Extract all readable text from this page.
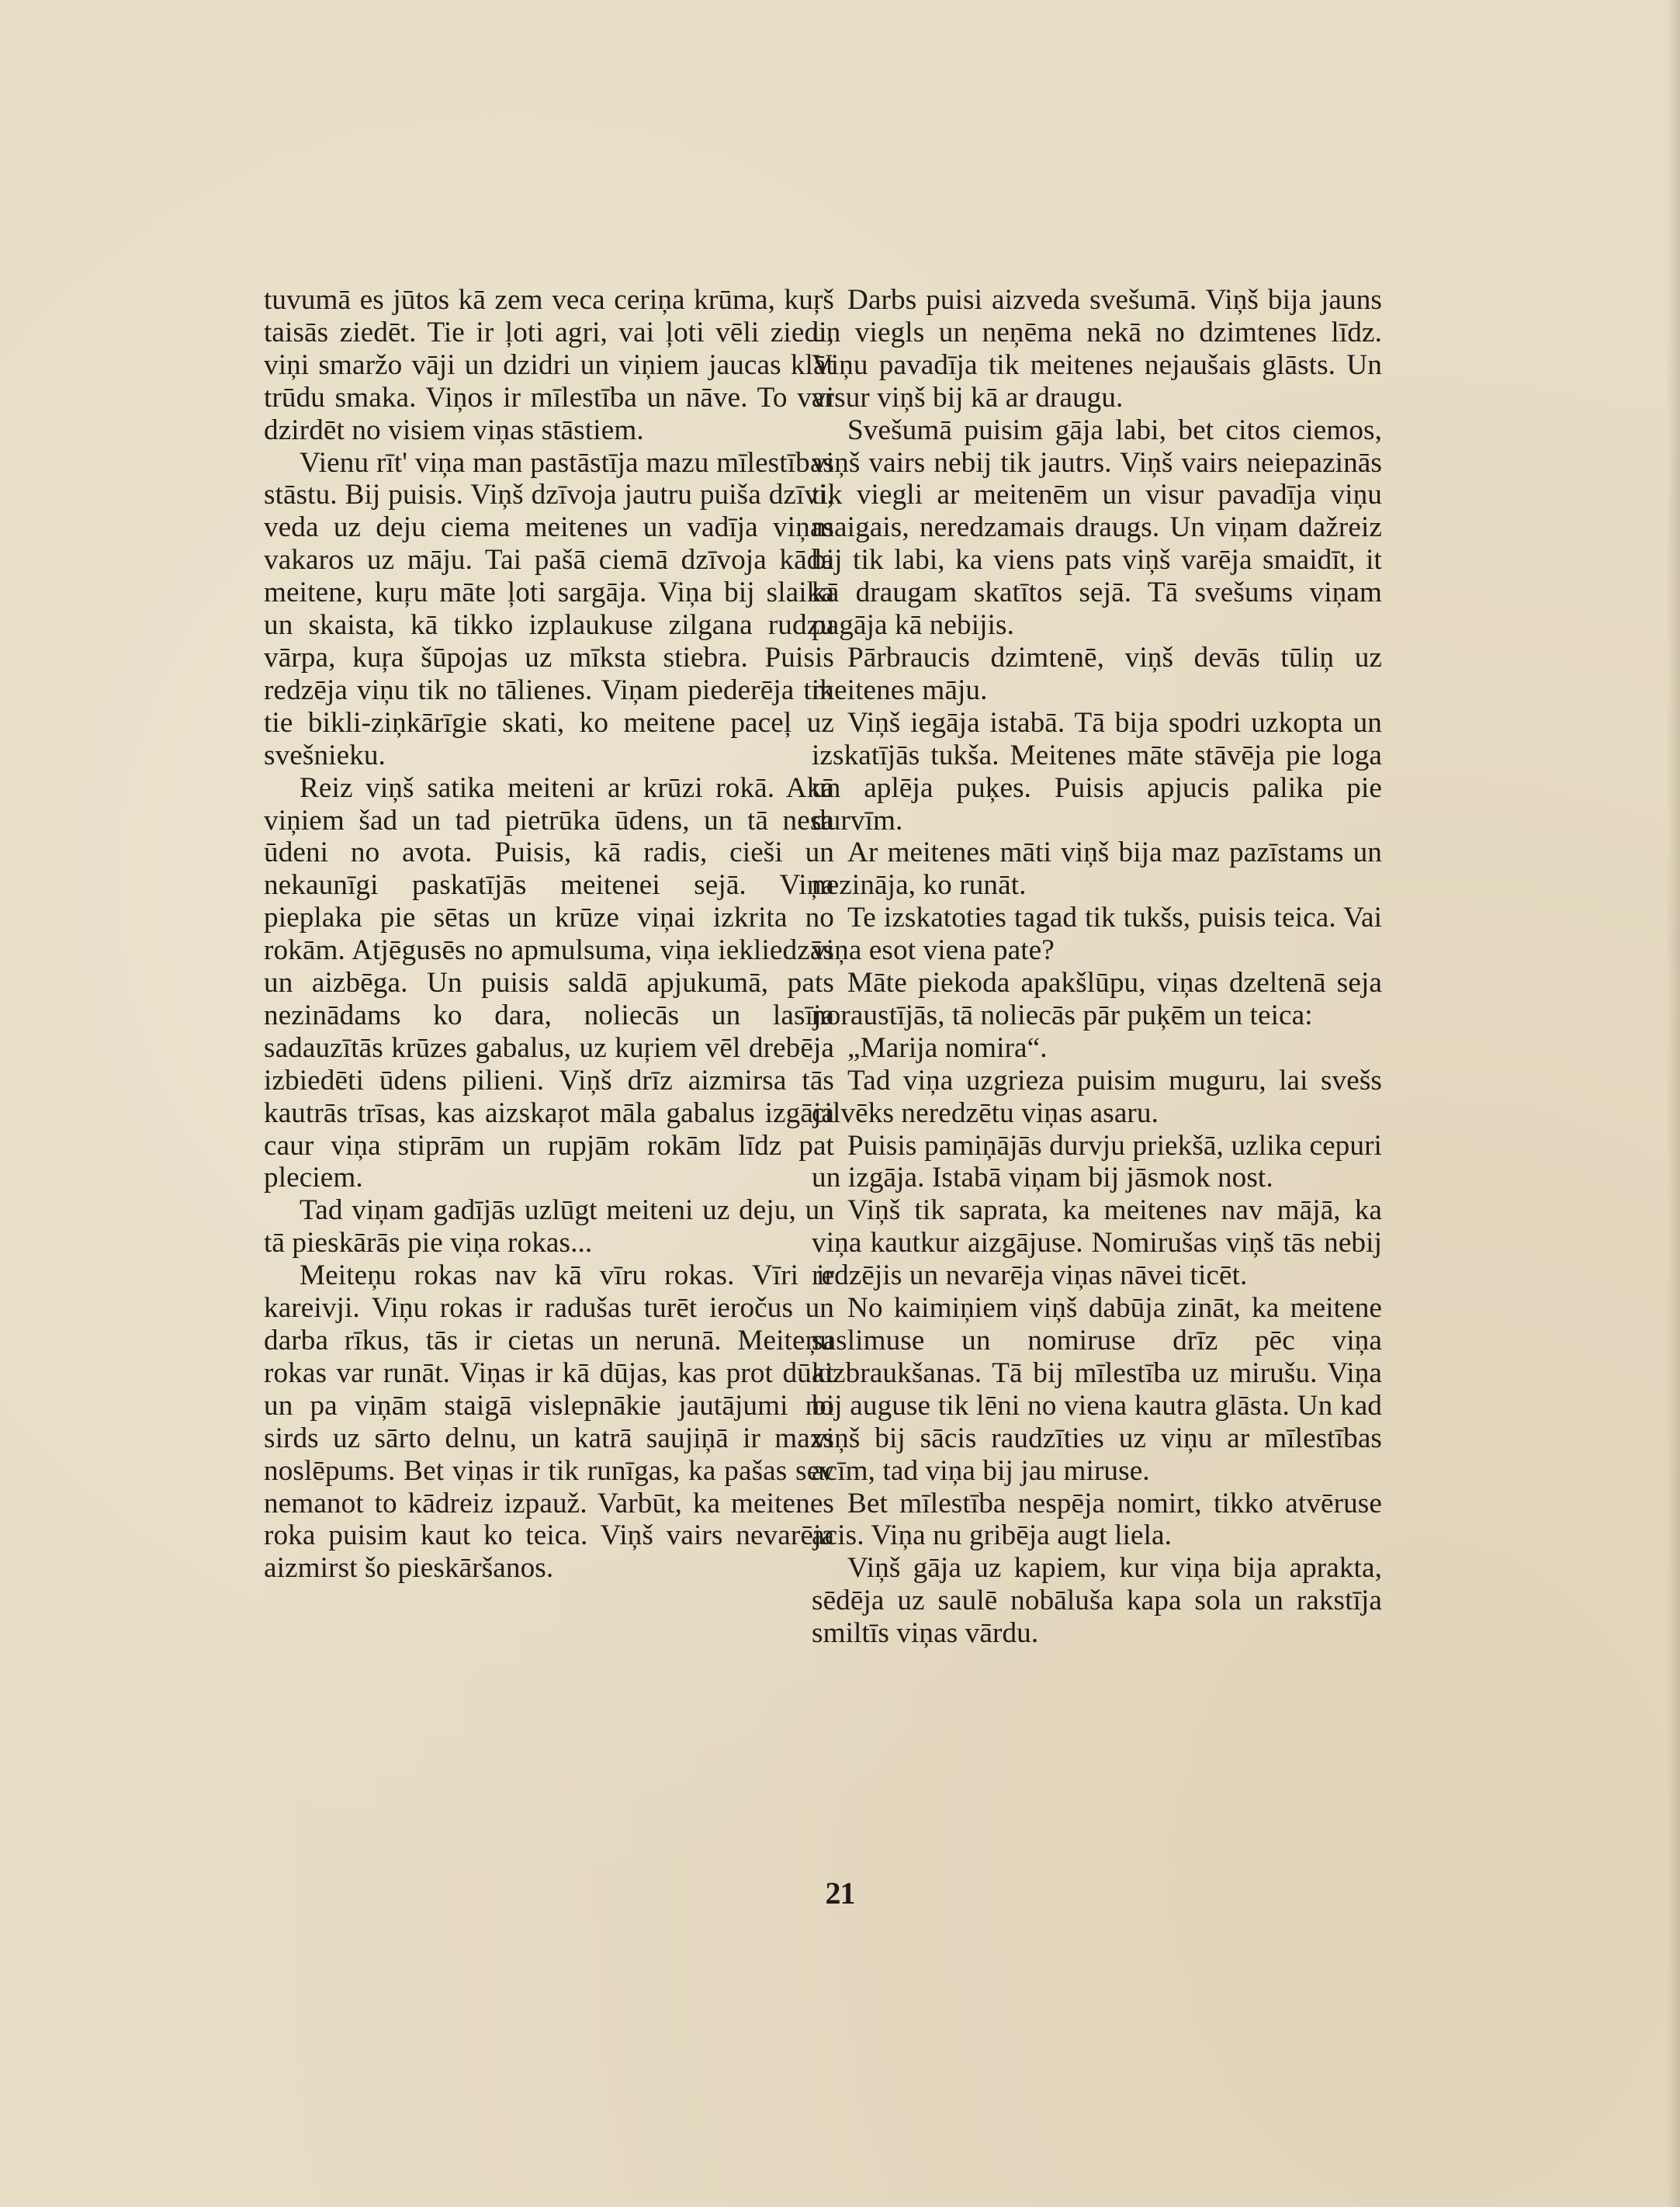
tuvumā es jūtos kā zem veca ceriņa krūma, kuŗš taisās ziedēt. Tie ir ļoti agri, vai ļoti vēli ziedi, viņi smaržo vāji un dzidri un viņiem jaucas klāt trūdu smaka. Viņos ir mīlestība un nāve. To var dzirdēt no visiem viņas stāstiem.

Vienu rīt' viņa man pastāstīja mazu mīlestības stāstu. Bij puisis. Viņš dzīvoja jautru puiša dzīvi, veda uz deju ciema meitenes un vadīja viņas vakaros uz māju. Tai pašā ciemā dzīvoja kāda meitene, kuŗu māte ļoti sargāja. Viņa bij slaika un skaista, kā tikko izplaukuse zilgana rudzu vārpa, kuŗa šūpojas uz mīksta stiebra. Puisis redzēja viņu tik no tālienes. Viņam piederēja tik tie bikli-ziņkārīgie skati, ko meitene paceļ uz svešnieku.

Reiz viņš satika meiteni ar krūzi rokā. Akā viņiem šad un tad pietrūka ūdens, un tā nesa ūdeni no avota. Puisis, kā radis, cieši un nekaunīgi paskatījās meitenei sejā. Viņa pieplaka pie sētas un krūze viņai izkrita no rokām. Atjēgusēs no apmulsuma, viņa iekliedzās un aizbēga. Un puisis saldā apjukumā, pats nezinādams ko dara, noliecās un lasīja sadauzītās krūzes gabalus, uz kuŗiem vēl drebēja izbiedēti ūdens pilieni. Viņš drīz aizmirsa tās kautrās trīsas, kas aizskaŗot māla gabalus izgāja caur viņa stiprām un rupjām rokām līdz pat pleciem.

Tad viņam gadījās uzlūgt meiteni uz deju, un tā pieskārās pie viņa rokas...

Meiteņu rokas nav kā vīru rokas. Vīri ir kareivji. Viņu rokas ir radušas turēt ieročus un darba rīkus, tās ir cietas un nerunā. Meiteņu rokas var runāt. Viņas ir kā dūjas, kas prot dūkt un pa viņām staigā vislepnākie jautājumi no sirds uz sārto delnu, un katrā saujiņā ir mazs noslēpums. Bet viņas ir tik runīgas, ka pašas sev nemanot to kādreiz izpauž. Varbūt, ka meitenes roka puisim kaut ko teica. Viņš vairs nevarēja aizmirst šo pieskāršanos.

Darbs puisi aizveda svešumā. Viņš bija jauns un viegls un neņēma nekā no dzimtenes līdz. Viņu pavadīja tik meitenes nejaušais glāsts. Un visur viņš bij kā ar draugu.

Svešumā puisim gāja labi, bet citos ciemos, viņš vairs nebij tik jautrs. Viņš vairs neiepazinās tik viegli ar meitenēm un visur pavadīja viņu maigais, neredzamais draugs. Un viņam dažreiz bij tik labi, ka viens pats viņš varēja smaidīt, it kā draugam skatītos sejā. Tā svešums viņam pagāja kā nebijis.

Pārbraucis dzimtenē, viņš devās tūliņ uz meitenes māju.

Viņš iegāja istabā. Tā bija spodri uzkopta un izskatījās tukša. Meitenes māte stāvēja pie loga un aplēja puķes. Puisis apjucis palika pie durvīm.

Ar meitenes māti viņš bija maz pazīstams un nezināja, ko runāt.

Te izskatoties tagad tik tukšs, puisis teica. Vai viņa esot viena pate?

Māte piekoda apakšlūpu, viņas dzeltenā seja noraustījās, tā noliecās pār puķēm un teica:

„Marija nomira“.

Tad viņa uzgrieza puisim muguru, lai svešs cilvēks neredzētu viņas asaru.

Puisis pamiņājās durvju priekšā, uzlika cepuri un izgāja. Istabā viņam bij jāsmok nost.

Viņš tik saprata, ka meitenes nav mājā, ka viņa kautkur aizgājuse. Nomirušas viņš tās nebij redzējis un nevarēja viņas nāvei ticēt.

No kaimiņiem viņš dabūja zināt, ka meitene saslimuse un nomiruse drīz pēc viņa aizbraukšanas. Tā bij mīlestība uz mirušu. Viņa bij auguse tik lēni no viena kautra glāsta. Un kad viņš bij sācis raudzīties uz viņu ar mīlestības acīm, tad viņa bij jau miruse.

Bet mīlestība nespēja nomirt, tikko atvēruse acis. Viņa nu gribēja augt liela.

Viņš gāja uz kapiem, kur viņa bija aprakta, sēdēja uz saulē nobāluša kapa sola un rakstīja smiltīs viņas vārdu.

21
